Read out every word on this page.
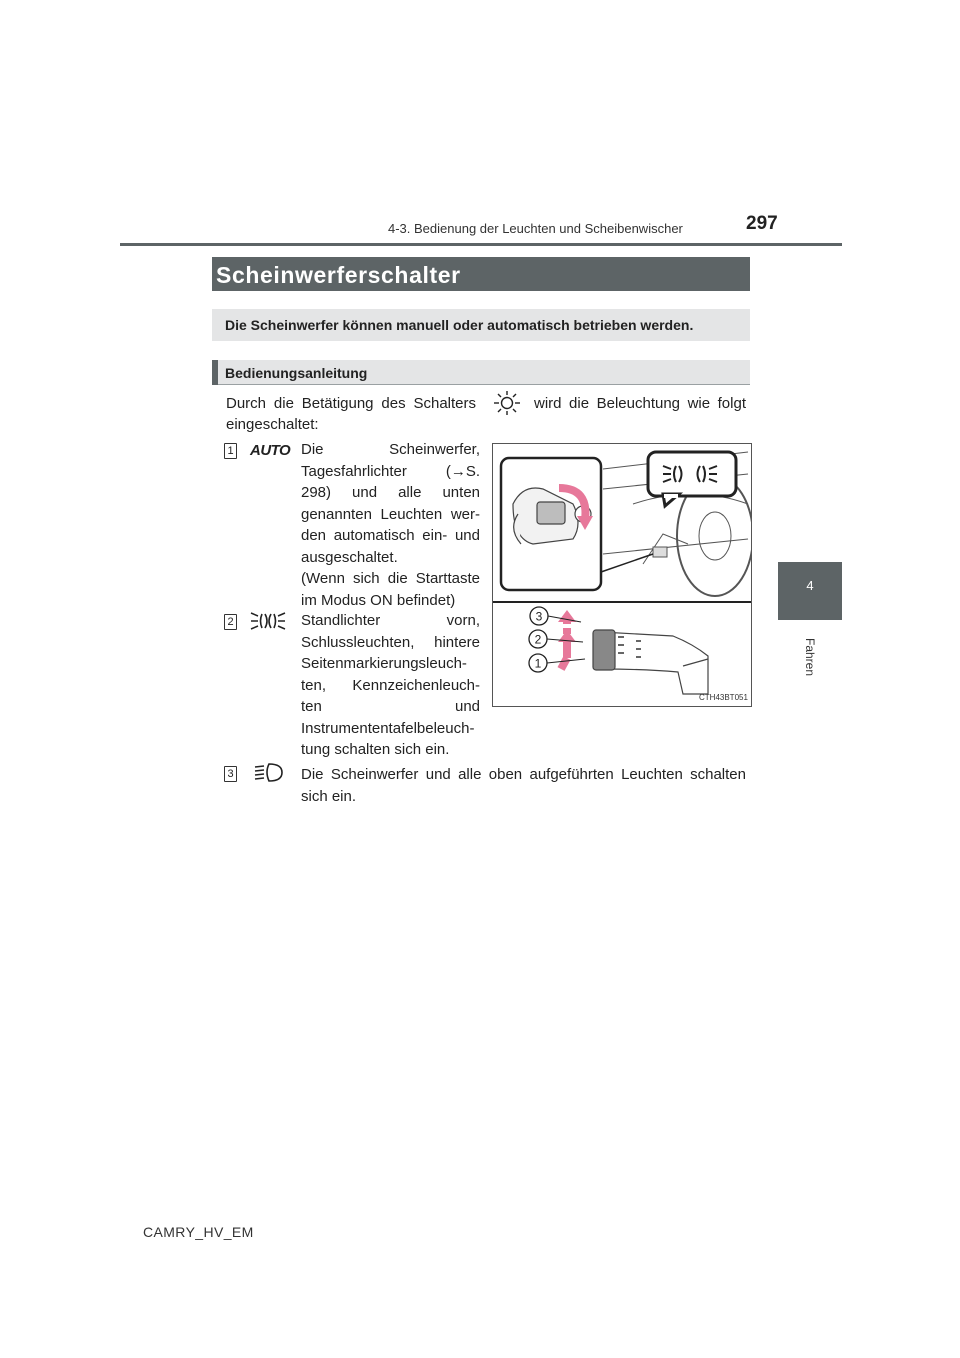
4-3. Bedienung der Leuchten und Scheibenwischer	297
4
Fahren
Scheinwerferschalter
Die Scheinwerfer können manuell oder automatisch betrieben werden.
Bedienungsanleitung
Durch die Betätigung des Schalters	wird die Beleuchtung wie folgt
eingeschaltet:
1 AUTO Die Scheinwerfer,
Tagesfahrlichter (→S.
298) und alle unten
genannten Leuchten wer-
den automatisch ein- und
ausgeschaltet.
(Wenn sich die Starttaste
im Modus ON befindet)
2	Standlichter vorn,
Schlussleuchten, hintere
Seitenmarkierungsleuch-
ten, Kennzeichenleuch-
ten und
Instrumententafelbeleuch-
tung schalten sich ein.
3	Die Scheinwerfer und alle oben aufgeführten Leuchten schalten
sich ein.
3
2
1
CTH43BT051
CAMRY_HV_EM
